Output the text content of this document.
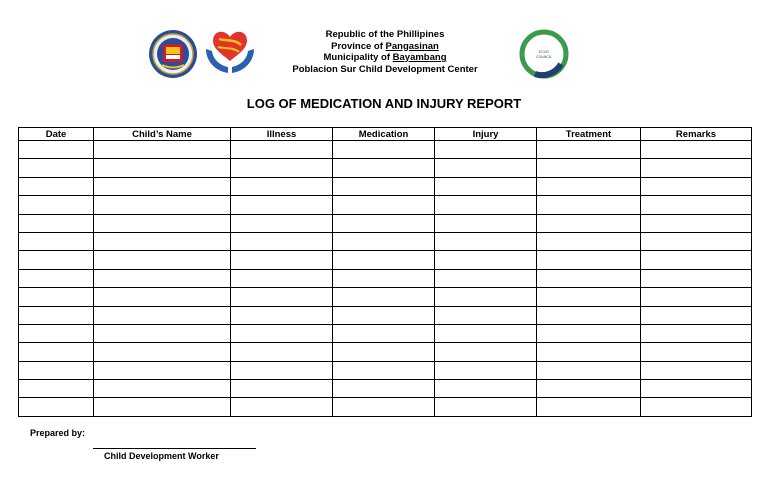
Republic of the Phillipines
Province of Pangasinan
Municipality of Bayambang
Poblacion Sur Child Development Center
ECCD
COUNCIL
LOG OF MEDICATION AND INJURY REPORT
Date	Child’s Name	Illness	Medication	Injury	Treatment	Remarks

Prepared by:
Child Development Worker
